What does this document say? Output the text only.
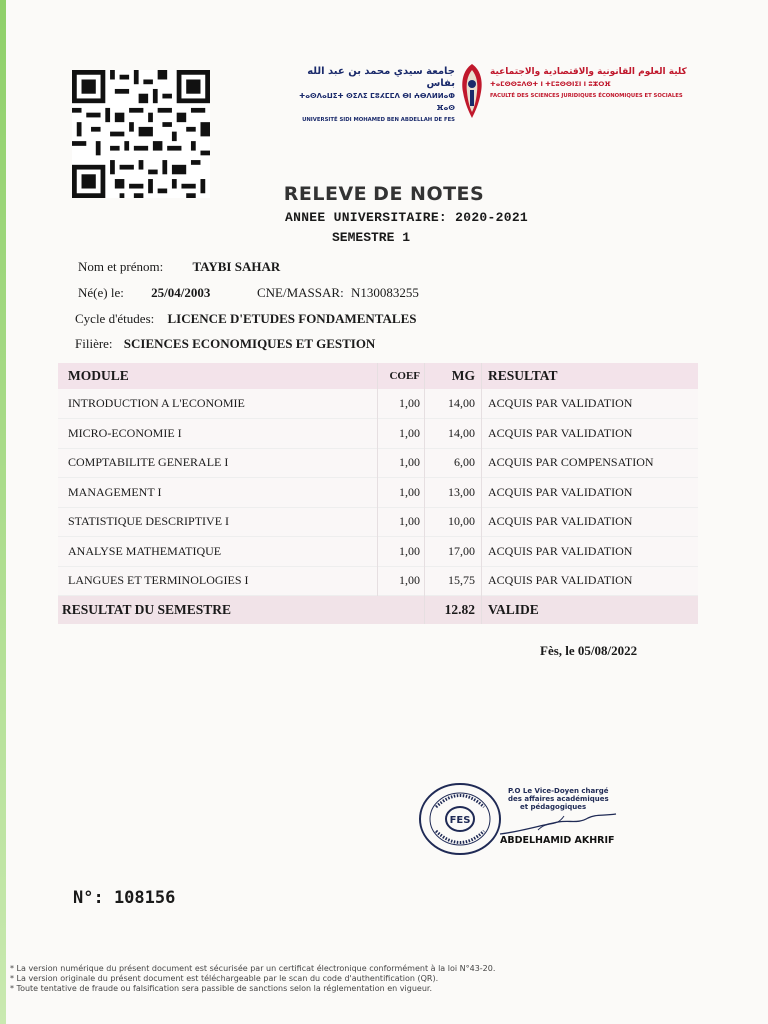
جامعة سيدي محمد بن عبد الله بفاس
ⵜⴰⵙⴷⴰⵡⵉⵜ ⵙⵉⴷⵉ ⵎⵓⵃⵎⵎⴷ ⴱⵏ ⵄⴱⴷⵍⵍⴰⵀ ⴼⴰⵙ
UNIVERSITÉ SIDI MOHAMED BEN ABDELLAH DE FES
كلية العلوم القانونية والاقتصادية والاجتماعية
ⵜⴰⵎⵙⵙⵓⴷⵙⵜ ⵏ ⵜⵎⵓⵙⵙⵏⵉⵏ ⵏ ⵓⵣⵔⴼ
FACULTÉ DES SCIENCES JURIDIQUES ÉCONOMIQUES ET SOCIALES
RELEVE DE NOTES
ANNEE UNIVERSITAIRE: 2020-2021
SEMESTRE 1
Nom et prénom: TAYBI SAHAR
Né(e) le: 25/04/2003	CNE/MASSAR: N130083255
Cycle d'études: LICENCE D'ETUDES FONDAMENTALES
Filière: SCIENCES ECONOMIQUES ET GESTION
MODULE	COEF	MG	RESULTAT
INTRODUCTION A L'ECONOMIE	1,00	14,00	ACQUIS PAR VALIDATION
MICRO-ECONOMIE I	1,00	14,00	ACQUIS PAR VALIDATION
COMPTABILITE GENERALE I	1,00	6,00	ACQUIS PAR COMPENSATION
MANAGEMENT I	1,00	13,00	ACQUIS PAR VALIDATION
STATISTIQUE DESCRIPTIVE I	1,00	10,00	ACQUIS PAR VALIDATION
ANALYSE MATHEMATIQUE	1,00	17,00	ACQUIS PAR VALIDATION
LANGUES ET TERMINOLOGIES I	1,00	15,75	ACQUIS PAR VALIDATION
RESULTAT DU SEMESTRE		12.82	VALIDE
Fès, le 05/08/2022
FES
P.O Le Vice-Doyen chargé
des affaires académiques
et pédagogiques
ABDELHAMID AKHRIF
N°: 108156
* La version numérique du présent document est sécurisée par un certificat électronique conformément à la loi N°43-20.
* La version originale du présent document est téléchargeable par le scan du code d'authentification (QR).
* Toute tentative de fraude ou falsification sera passible de sanctions selon la réglementation en vigueur.
